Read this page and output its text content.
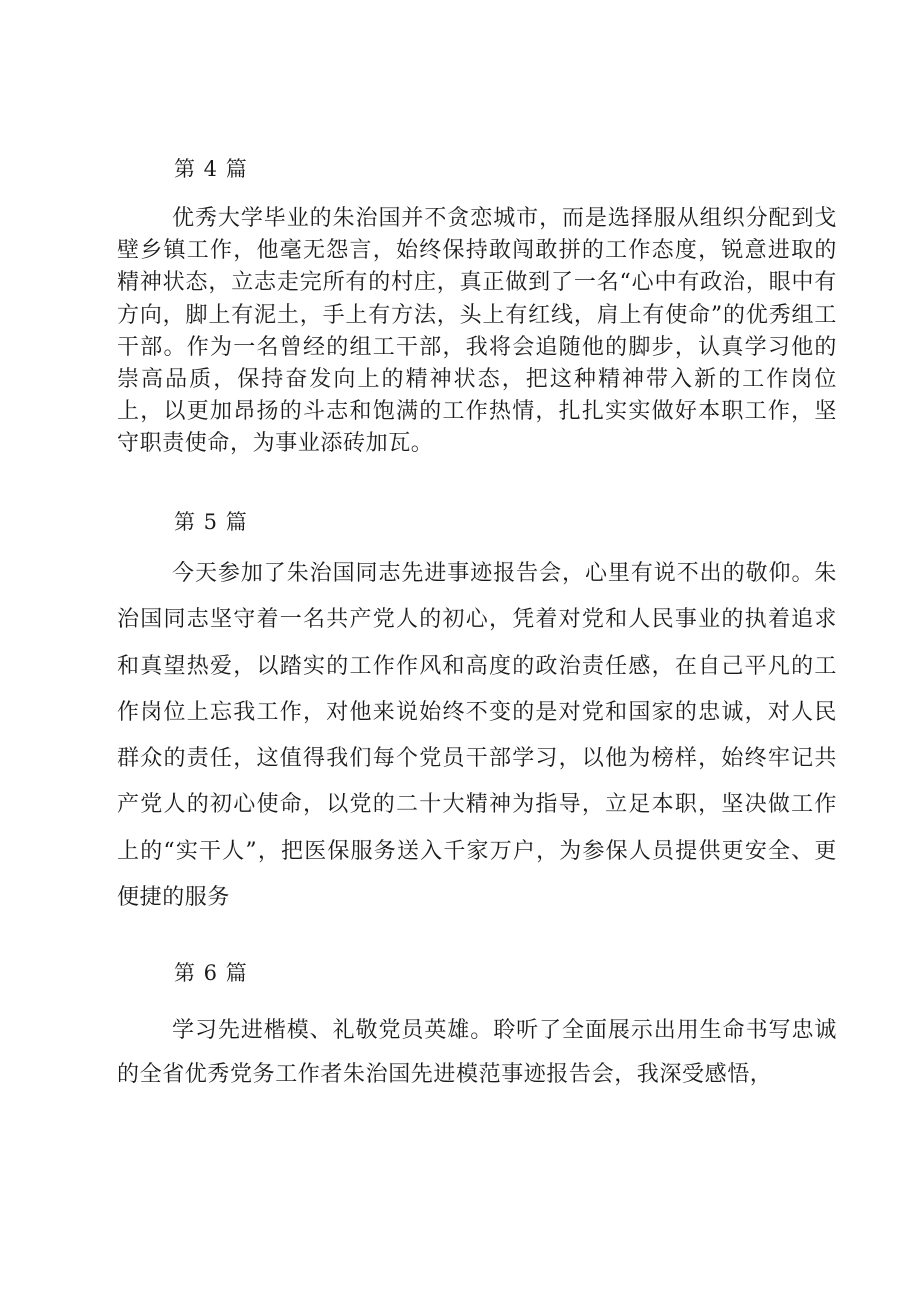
第 4 篇

优秀大学毕业的朱治国并不贪恋城市，而是选择服从组织分配到戈壁乡镇工作，他毫无怨言，始终保持敢闯敢拼的工作态度，锐意进取的精神状态，立志走完所有的村庄，真正做到了一名“心中有政治，眼中有方向，脚上有泥土，手上有方法，头上有红线，肩上有使命”的优秀组工干部。作为一名曾经的组工干部，我将会追随他的脚步，认真学习他的崇高品质，保持奋发向上的精神状态，把这种精神带入新的工作岗位上，以更加昂扬的斗志和饱满的工作热情，扎扎实实做好本职工作，坚守职责使命，为事业添砖加瓦。

第 5 篇

今天参加了朱治国同志先进事迹报告会，心里有说不出的敬仰。朱治国同志坚守着一名共产党人的初心，凭着对党和人民事业的执着追求和真望热爱，以踏实的工作作风和高度的政治责任感，在自己平凡的工作岗位上忘我工作，对他来说始终不变的是对党和国家的忠诚，对人民群众的责任，这值得我们每个党员干部学习，以他为榜样，始终牢记共产党人的初心使命，以党的二十大精神为指导，立足本职，坚决做工作上的“实干人”，把医保服务送入千家万户，为参保人员提供更安全、更便捷的服务

第 6 篇

学习先进楷模、礼敬党员英雄。聆听了全面展示出用生命书写忠诚的全省优秀党务工作者朱治国先进模范事迹报告会，我深受感悟，
